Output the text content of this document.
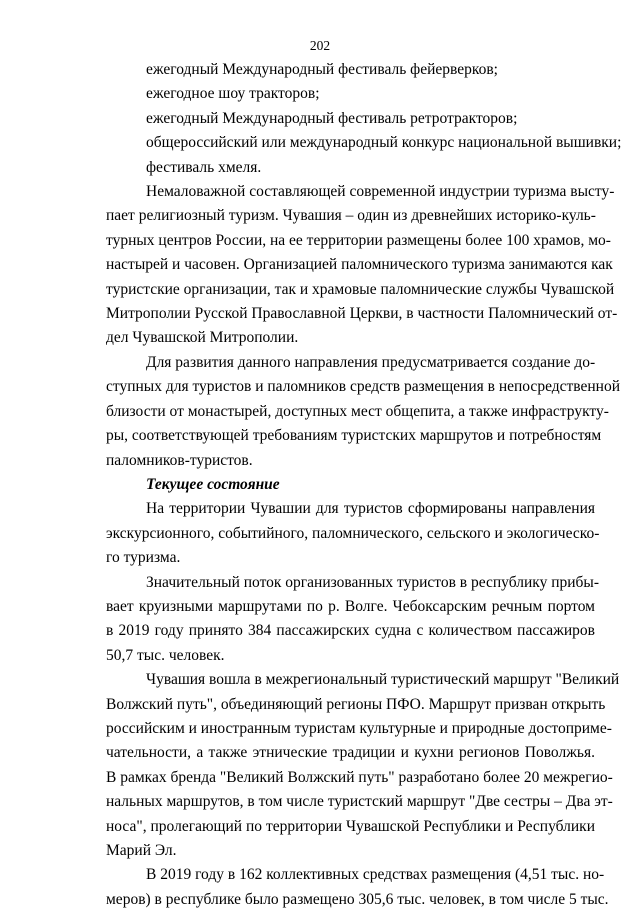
202
ежегодный Международный фестиваль фейерверков;
ежегодное шоу тракторов;
ежегодный Международный фестиваль ретротракторов;
общероссийский или международный конкурс национальной вышивки;
фестиваль хмеля.
Немаловажной составляющей современной индустрии туризма высту-
пает религиозный туризм. Чувашия – один из древнейших историко-куль-
турных центров России, на ее территории размещены более 100 храмов, мо-
настырей и часовен. Организацией паломнического туризма занимаются как
туристские организации, так и храмовые паломнические службы Чувашской
Митрополии Русской Православной Церкви, в частности Паломнический от-
дел Чувашской Митрополии.
Для развития данного направления предусматривается создание до-
ступных для туристов и паломников средств размещения в непосредственной
близости от монастырей, доступных мест общепита, а также инфраструкту-
ры, соответствующей требованиям туристских маршрутов и потребностям
паломников-туристов.
Текущее состояние
На территории Чувашии для туристов сформированы направления
экскурсионного, событийного, паломнического, сельского и экологическо-
го туризма.
Значительный поток организованных туристов в республику прибы-
вает круизными маршрутами по р. Волге. Чебоксарским речным портом
в 2019 году принято 384 пассажирских судна с количеством пассажиров
50,7 тыс. человек.
Чувашия вошла в межрегиональный туристический маршрут "Великий
Волжский путь", объединяющий регионы ПФО. Маршрут призван открыть
российским и иностранным туристам культурные и природные достоприме-
чательности, а также этнические традиции и кухни регионов Поволжья.
В рамках бренда "Великий Волжский путь" разработано более 20 межрегио-
нальных маршрутов, в том числе туристский маршрут "Две сестры – Два эт-
носа", пролегающий по территории Чувашской Республики и Республики
Марий Эл.
В 2019 году в 162 коллективных средствах размещения (4,51 тыс. но-
меров) в республике было размещено 305,6 тыс. человек, в том числе 5 тыс.
